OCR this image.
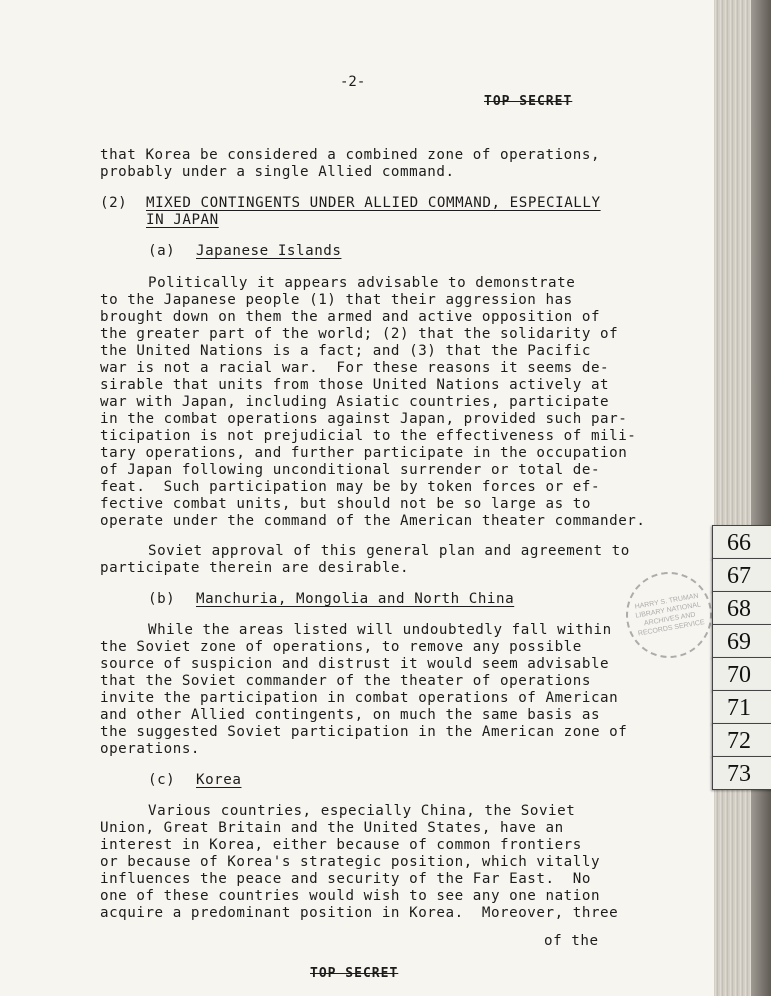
-2-
TOP SECRET
that Korea be considered a combined zone of operations,
probably under a single Allied command.
(2) MIXED CONTINGENTS UNDER ALLIED COMMAND, ESPECIALLY
IN JAPAN
(a) Japanese Islands
Politically it appears advisable to demonstrate
to the Japanese people (1) that their aggression has
brought down on them the armed and active opposition of
the greater part of the world; (2) that the solidarity of
the United Nations is a fact; and (3) that the Pacific
war is not a racial war.  For these reasons it seems de-
sirable that units from those United Nations actively at
war with Japan, including Asiatic countries, participate
in the combat operations against Japan, provided such par-
ticipation is not prejudicial to the effectiveness of mili-
tary operations, and further participate in the occupation
of Japan following unconditional surrender or total de-
feat.  Such participation may be by token forces or ef-
fective combat units, but should not be so large as to
operate under the command of the American theater commander.
Soviet approval of this general plan and agreement to
participate therein are desirable.
(b) Manchuria, Mongolia and North China
While the areas listed will undoubtedly fall within
the Soviet zone of operations, to remove any possible
source of suspicion and distrust it would seem advisable
that the Soviet commander of the theater of operations
invite the participation in combat operations of American
and other Allied contingents, on much the same basis as
the suggested Soviet participation in the American zone of
operations.
(c) Korea
Various countries, especially China, the Soviet
Union, Great Britain and the United States, have an
interest in Korea, either because of common frontiers
or because of Korea's strategic position, which vitally
influences the peace and security of the Far East.  No
one of these countries would wish to see any one nation
acquire a predominant position in Korea.  Moreover, three
of the
TOP SECRET
HARRY S. TRUMAN LIBRARY NATIONAL ARCHIVES AND RECORDS SERVICE
66
67
68
69
70
71
72
73
